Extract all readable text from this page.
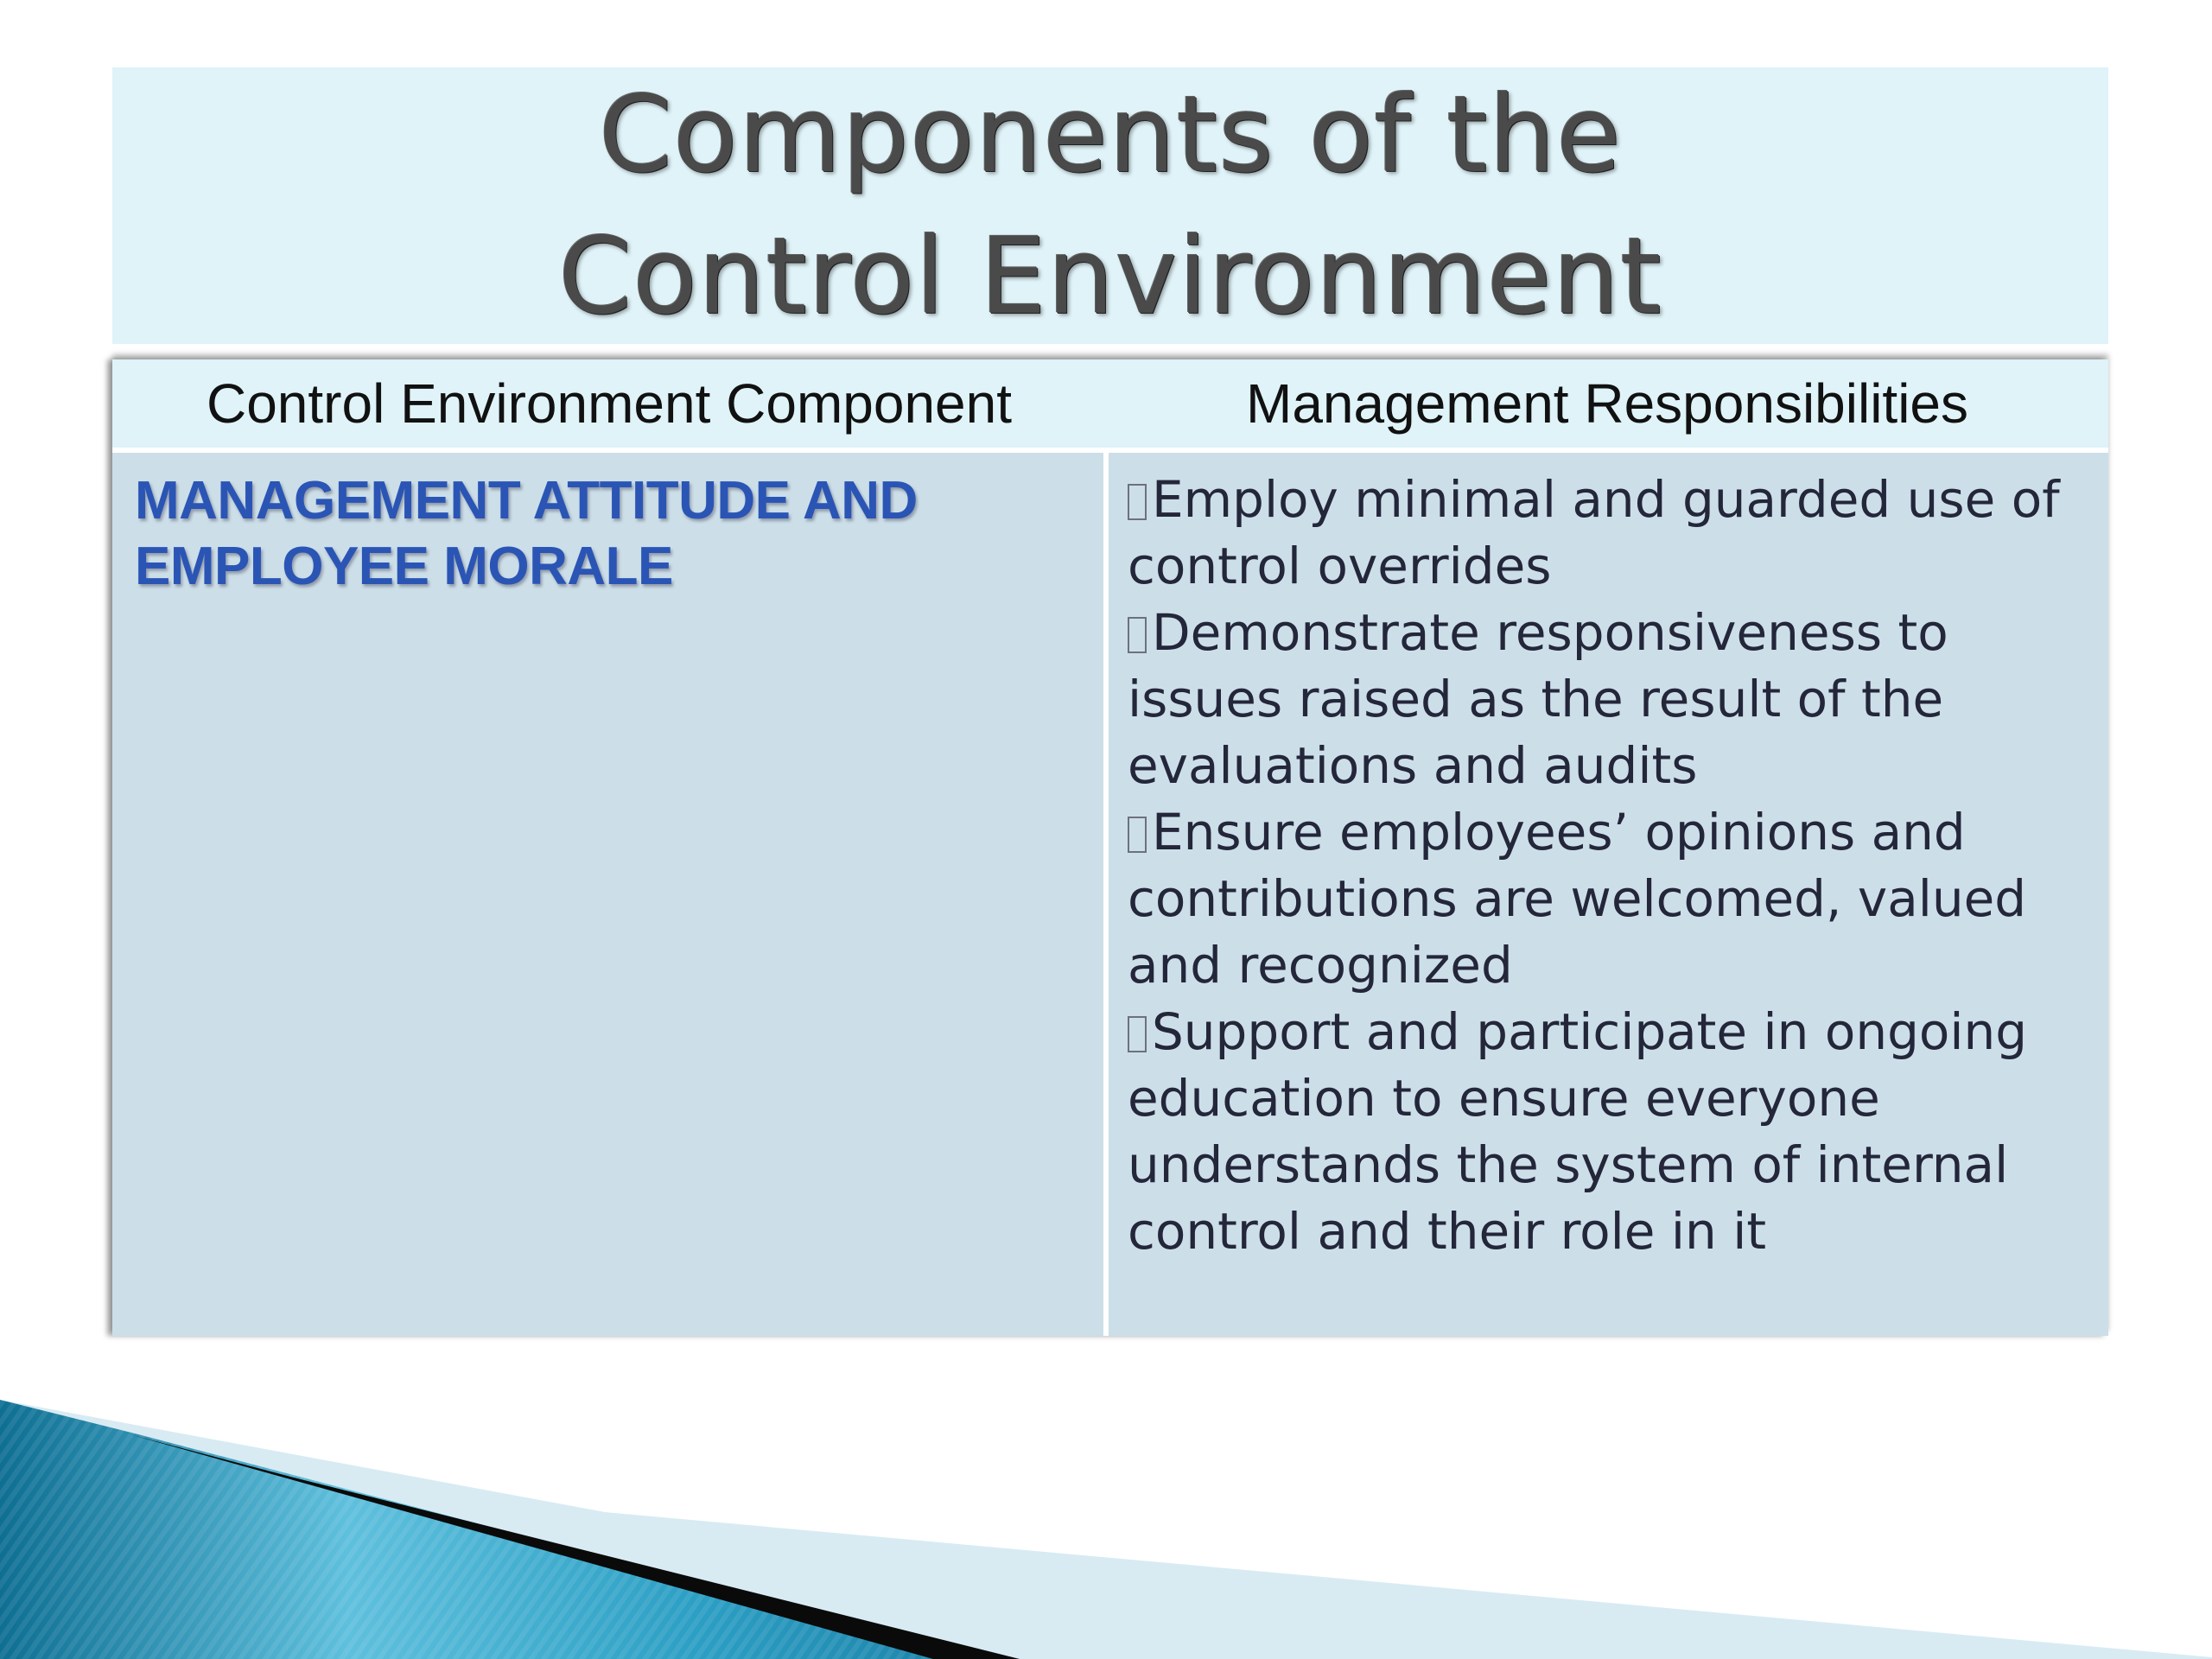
Components of the
Control Environment
Control Environment Component	Management Responsibilities
MANAGEMENT ATTITUDE AND
EMPLOYEE MORALE
Employ minimal and guarded use of control overrides
Demonstrate responsiveness to issues raised as the result of the evaluations and audits
Ensure employees’ opinions and contributions are welcomed, valued and recognized
Support and participate in ongoing education to ensure everyone understands the system of internal control and their role in it
